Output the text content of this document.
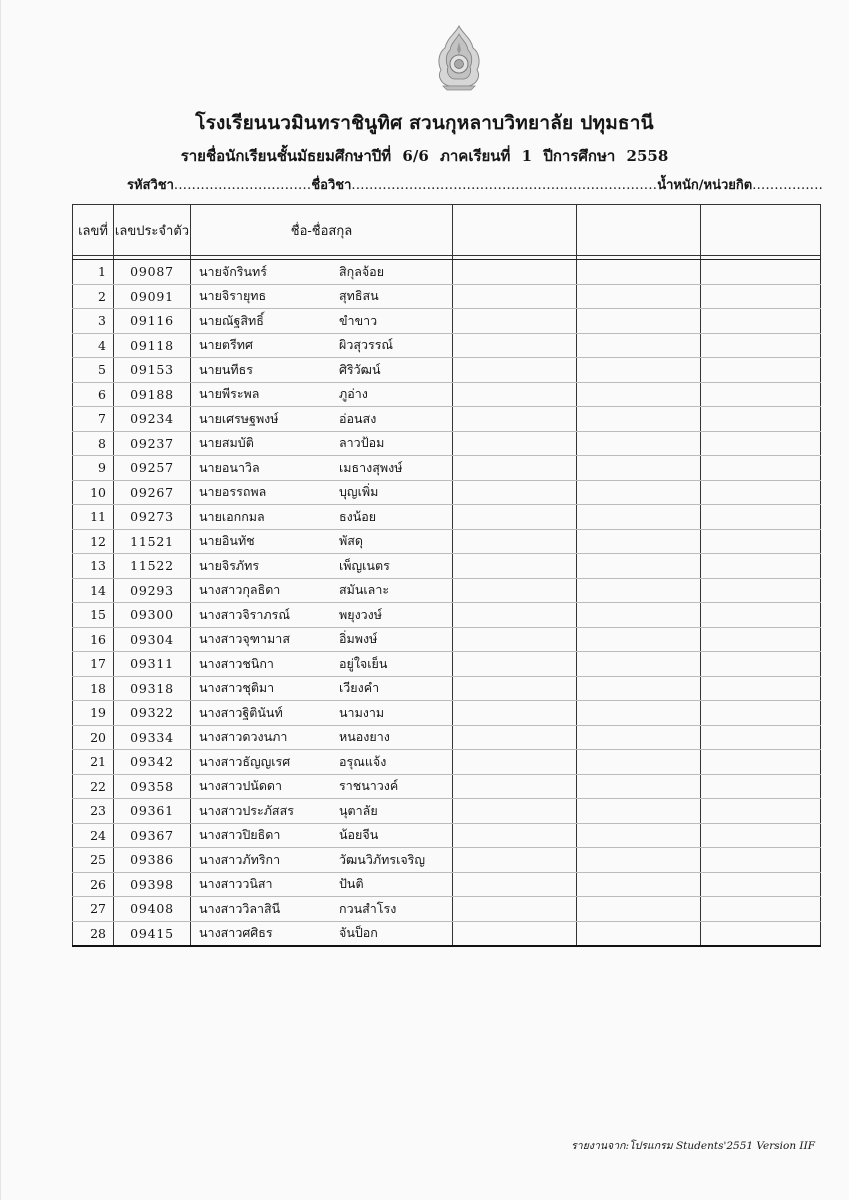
โรงเรียนนวมินทราชินูทิศ สวนกุหลาบวิทยาลัย ปทุมธานี
รายชื่อนักเรียนชั้นมัธยมศึกษาปีที่ 6/6 ภาคเรียนที่ 1 ปีการศึกษา 2558
รหัสวิชา...............................ชื่อวิชา.....................................................................น้ำหนัก/หน่วยกิต................
เลขที่	เลขประจำตัว	ชื่อ-ชื่อสกุล			

1	09087	นายจักรินทร์ สิกุลจ้อย			
2	09091	นายจิรายุทธ สุทธิสน			
3	09116	นายณัฐสิทธิ์ ขำขาว			
4	09118	นายตรีทศ ผิวสุวรรณ์			
5	09153	นายนทีธร ศิริวัฒน์			
6	09188	นายพีระพล ภูอ่าง			
7	09234	นายเศรษฐพงษ์ อ่อนสง			
8	09237	นายสมบัติ ลาวป้อม			
9	09257	นายอนาวิล เมธางสุพงษ์			
10	09267	นายอรรถพล บุญเพิ่ม			
11	09273	นายเอกกมล ธงน้อย			
12	11521	นายอินทัช พัสดุ			
13	11522	นายจิรภัทร เพ็ญเนตร			
14	09293	นางสาวกุลธิดา สมันเลาะ			
15	09300	นางสาวจิราภรณ์ พยุงวงษ์			
16	09304	นางสาวจุฑามาส อิ่มพงษ์			
17	09311	นางสาวชนิกา อยู่ใจเย็น			
18	09318	นางสาวชุติมา เวียงคำ			
19	09322	นางสาวฐิตินันท์ นามงาม			
20	09334	นางสาวดวงนภา หนองยาง			
21	09342	นางสาวธัญญเรศ อรุณแจ้ง			
22	09358	นางสาวปนัดดา ราชนาวงค์			
23	09361	นางสาวประภัสสร นุตาลัย			
24	09367	นางสาวปิยธิดา น้อยจีน			
25	09386	นางสาวภัทริกา วัฒนวิภัทรเจริญ			
26	09398	นางสาววนิสา ปันติ			
27	09408	นางสาววิลาสินี กวนสำโรง			
28	09415	นางสาวศศิธร จันป็อก			
รายงานจาก:โปรแกรม Students'2551 Version IIF
